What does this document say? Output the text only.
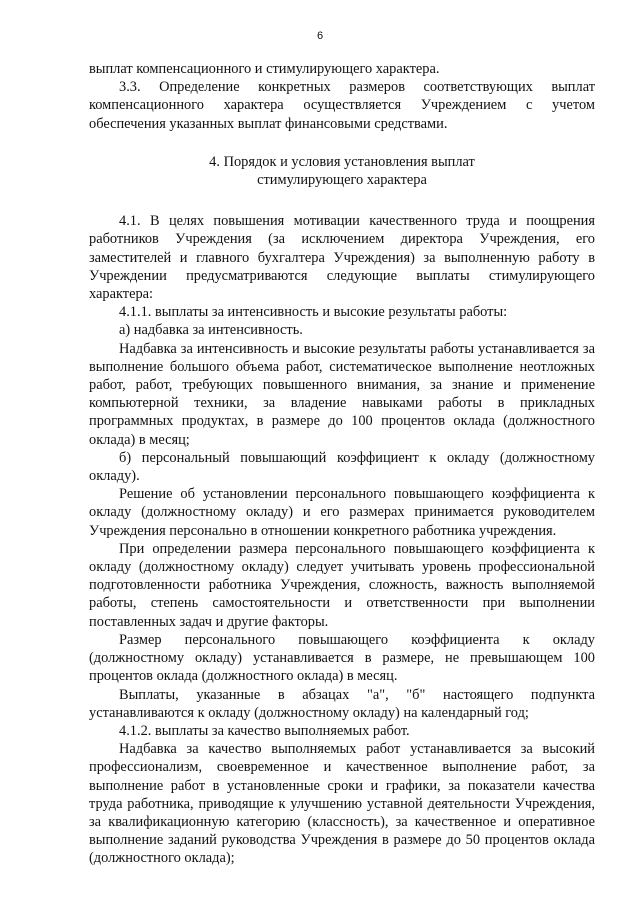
6

выплат компенсационного и стимулирующего характера.

3.3. Определение конкретных размеров соответствующих выплат компенсационного характера осуществляется Учреждением с учетом обеспечения указанных выплат финансовыми средствами.

4. Порядок и условия установления выплат
стимулирующего характера

4.1. В целях повышения мотивации качественного труда и поощрения работников Учреждения (за исключением директора Учреждения, его заместителей и главного бухгалтера Учреждения) за выполненную работу в Учреждении предусматриваются следующие выплаты стимулирующего характера:

4.1.1. выплаты за интенсивность и высокие результаты работы:

а) надбавка за интенсивность.

Надбавка за интенсивность и высокие результаты работы устанавливается за выполнение большого объема работ, систематическое выполнение неотложных работ, работ, требующих повышенного внимания, за знание и применение компьютерной техники, за владение навыками работы в прикладных программных продуктах, в размере до 100 процентов оклада (должностного оклада) в месяц;

б) персональный повышающий коэффициент к окладу (должностному окладу).

Решение об установлении персонального повышающего коэффициента к окладу (должностному окладу) и его размерах принимается руководителем Учреждения персонально в отношении конкретного работника учреждения.

При определении размера персонального повышающего коэффициента к окладу (должностному окладу) следует учитывать уровень профессиональной подготовленности работника Учреждения, сложность, важность выполняемой работы, степень самостоятельности и ответственности при выполнении поставленных задач и другие факторы.

Размер персонального повышающего коэффициента к окладу (должностному окладу) устанавливается в размере, не превышающем 100 процентов оклада (должностного оклада) в месяц.

Выплаты, указанные в абзацах "а", "б" настоящего подпункта устанавливаются к окладу (должностному окладу) на календарный год;

4.1.2. выплаты за качество выполняемых работ.

Надбавка за качество выполняемых работ устанавливается за высокий профессионализм, своевременное и качественное выполнение работ, за выполнение работ в установленные сроки и графики, за показатели качества труда работника, приводящие к улучшению уставной деятельности Учреждения, за квалификационную категорию (классность), за качественное и оперативное выполнение заданий руководства Учреждения в размере до 50 процентов оклада (должностного оклада);
